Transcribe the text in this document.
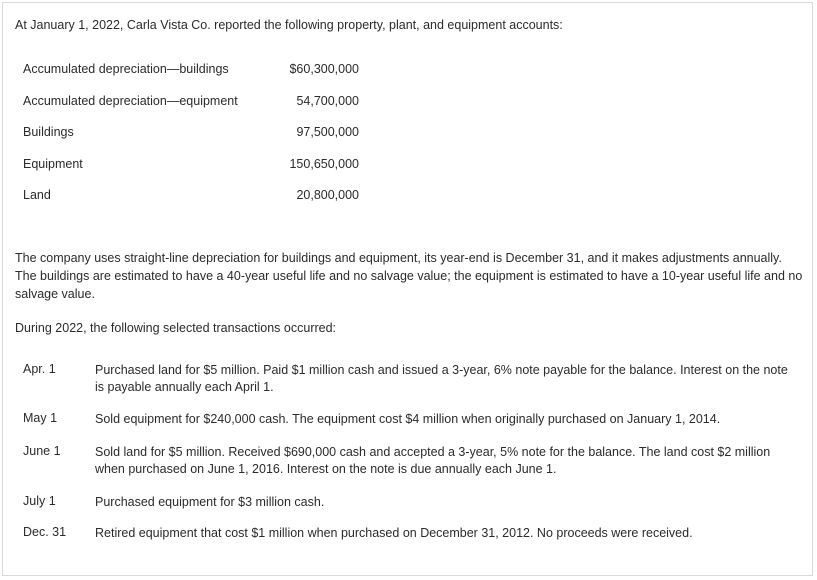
At January 1, 2022, Carla Vista Co. reported the following property, plant, and equipment accounts:

Accumulated depreciation—buildings	$60,300,000
Accumulated depreciation—equipment	54,700,000
Buildings	97,500,000
Equipment	150,650,000
Land	20,800,000

The company uses straight-line depreciation for buildings and equipment, its year-end is December 31, and it makes adjustments annually. The buildings are estimated to have a 40-year useful life and no salvage value; the equipment is estimated to have a 10-year useful life and no salvage value.

During 2022, the following selected transactions occurred:

Apr. 1	Purchased land for $5 million. Paid $1 million cash and issued a 3-year, 6% note payable for the balance. Interest on the note is payable annually each April 1.
May 1	Sold equipment for $240,000 cash. The equipment cost $4 million when originally purchased on January 1, 2014.
June 1	Sold land for $5 million. Received $690,000 cash and accepted a 3-year, 5% note for the balance. The land cost $2 million when purchased on June 1, 2016. Interest on the note is due annually each June 1.
July 1	Purchased equipment for $3 million cash.
Dec. 31 Retired equipment that cost $1 million when purchased on December 31, 2012. No proceeds were received.
